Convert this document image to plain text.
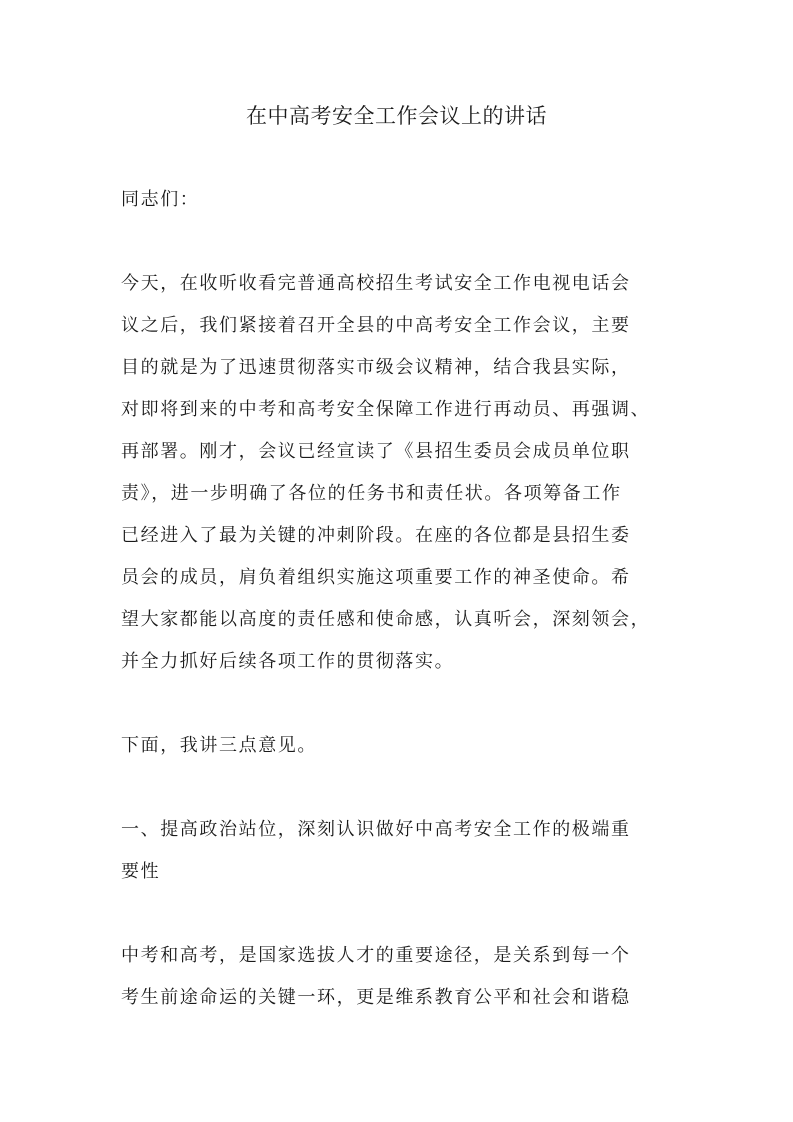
在中高考安全工作会议上的讲话
同志们：
今天，在收听收看完普通高校招生考试安全工作电视电话会
议之后，我们紧接着召开全县的中高考安全工作会议，主要
目的就是为了迅速贯彻落实市级会议精神，结合我县实际，
对即将到来的中考和高考安全保障工作进行再动员、再强调、
再部署。刚才，会议已经宣读了《县招生委员会成员单位职
责》，进一步明确了各位的任务书和责任状。各项筹备工作
已经进入了最为关键的冲刺阶段。在座的各位都是县招生委
员会的成员，肩负着组织实施这项重要工作的神圣使命。希
望大家都能以高度的责任感和使命感，认真听会，深刻领会，
并全力抓好后续各项工作的贯彻落实。
下面，我讲三点意见。
一、提高政治站位，深刻认识做好中高考安全工作的极端重
要性
中考和高考，是国家选拔人才的重要途径，是关系到每一个
考生前途命运的关键一环，更是维系教育公平和社会和谐稳
